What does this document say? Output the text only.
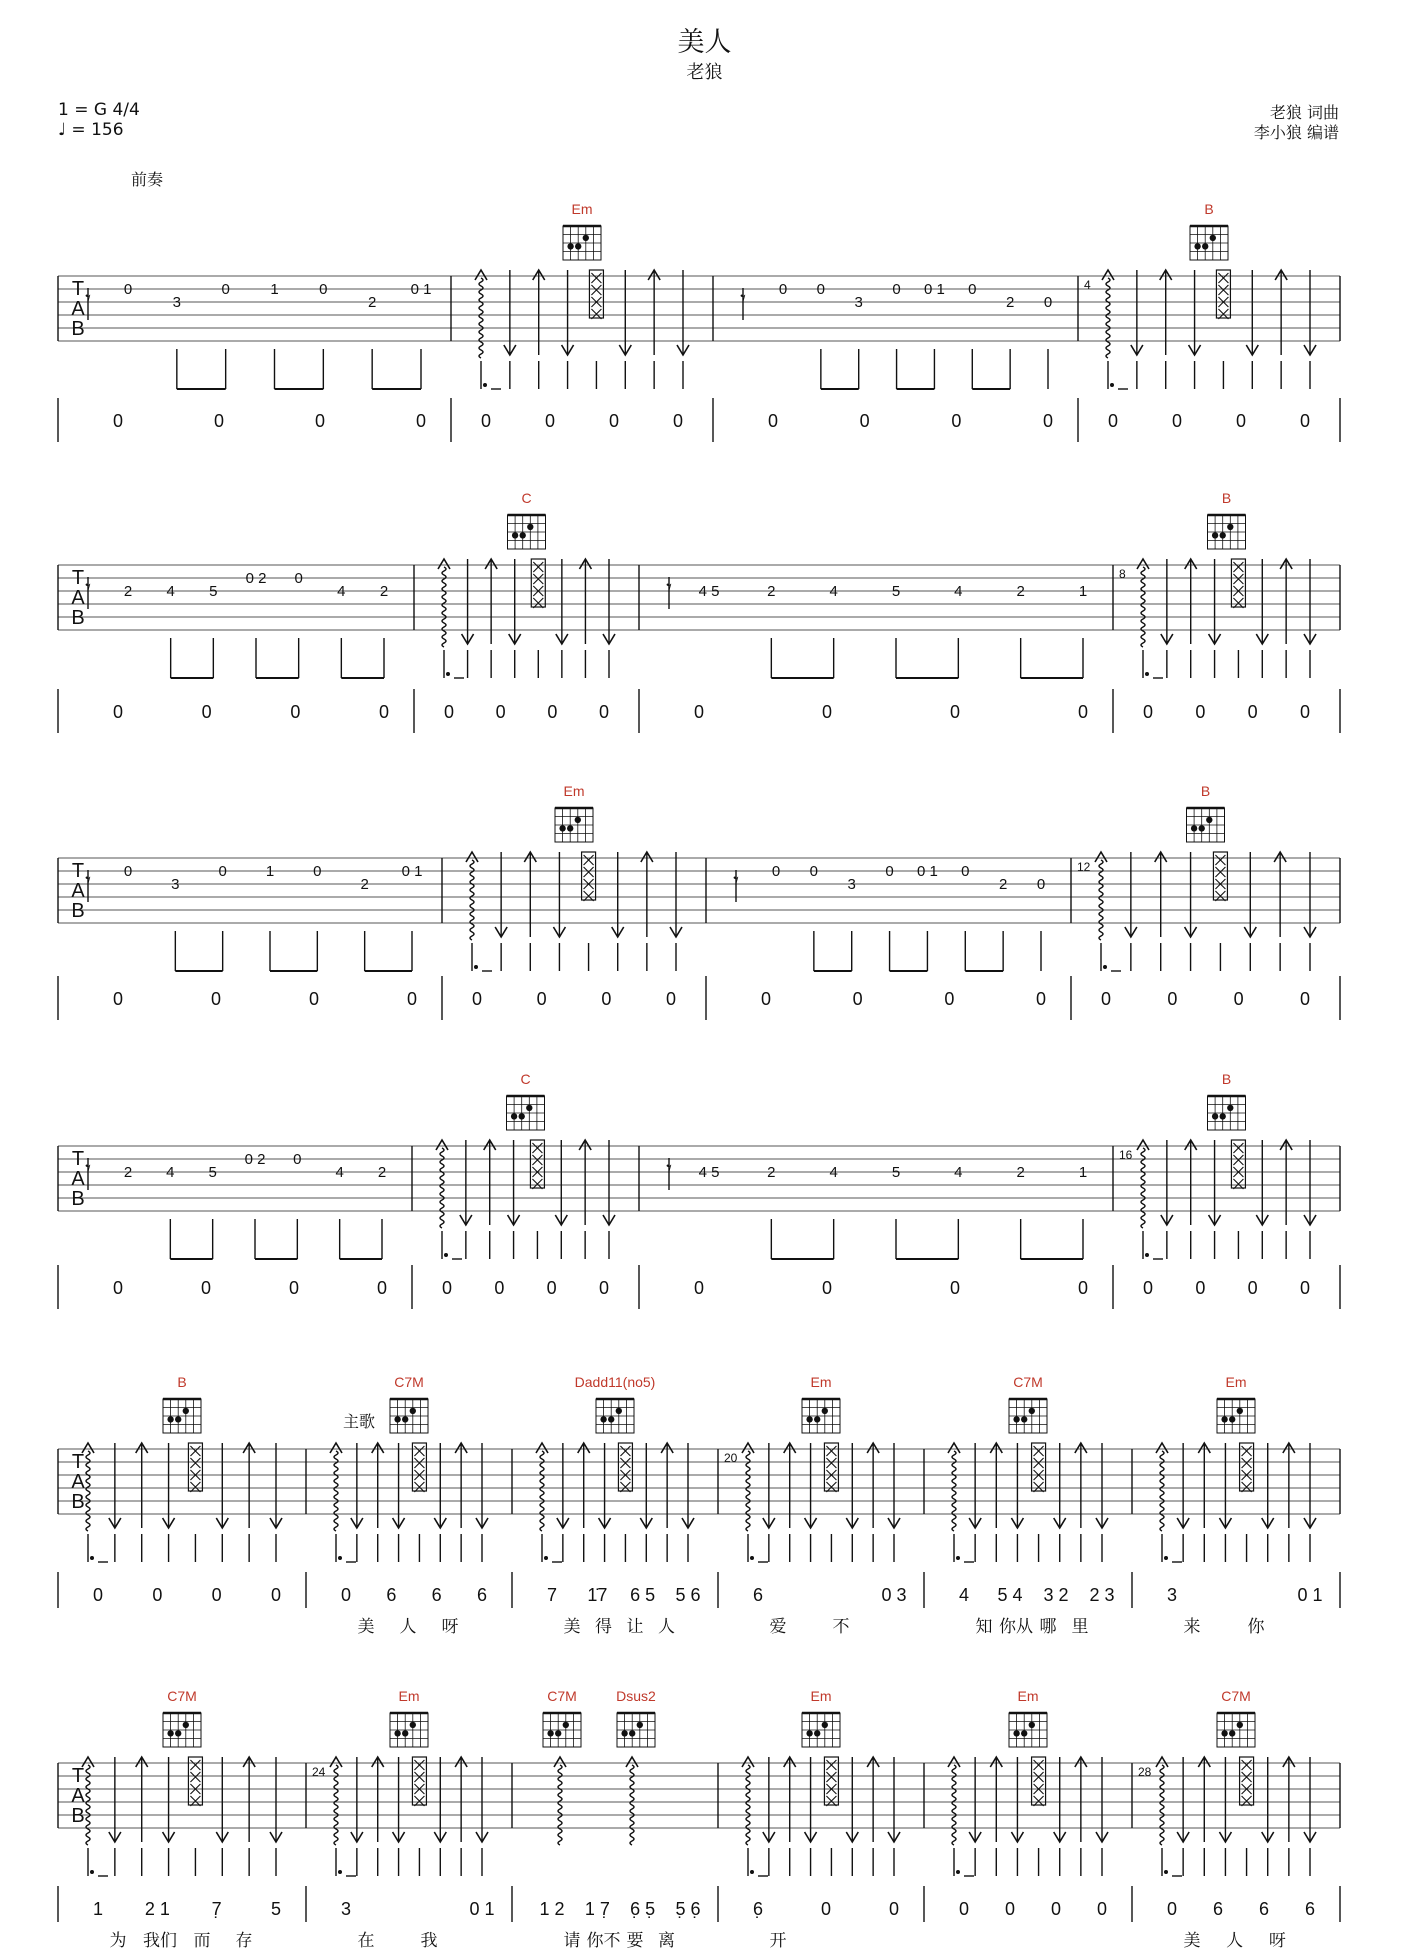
美人
老狼
1 = G 4/4
♩ = 156
老狼 词曲
李小狼 编谱
前奏
主歌
T
A
B
𝄾 0
3
0	1	0
2
0 1
0	0	0	0
Em
0	0	0	0
𝄾 0 0
3
0 0 1 0
2 0
0	0	0	0
4
B
0	0	0	0
T
A
B
𝄾 2 4 5
0 2 0
4 2
0	0	0	0
C
0 0 0 0
𝄾 4 5	2	4	5	4	2	1
0	0	0	0
8
B
0 0 0 0
T
A
B
𝄾 0
3
0	1	0
2
0 1
0	0	0	0
Em
0	0	0	0
𝄾 0 0
3
0 0 1 0
2 0
0	0	0	0
12
B
0	0	0	0
T
A
B
𝄾 2 4 5
0 2 0
4 2
0	0	0	0
C
0 0 0 0
𝄾 4 5	2	4	5	4	2	1
0	0	0	0
16
B
0 0 0 0
T
A
B
B
0	0	0	0
C7M
0 6 6 6
美 人 呀
Dadd11(no5)
7 1̇7 6 5 5 6
美 得 让 人
20
Em
6	0 3
爱	不
C7M
4 5 4 3 2 2 3
知 你从 哪 里
Em
3	0 1
来	你
T
A
B
C7M
1 2 1 7̣	5
为 我们 而 存
24
Em
3	0 1
在	我
C7M	Dsus2
1 2 1 7̣ 6̣ 5̣ 5̣ 6̣
请 你不 要 离
Em
6̣	0	0
开
Em
0 0 0 0
28
C7M
0 6 6 6
美 人 呀
